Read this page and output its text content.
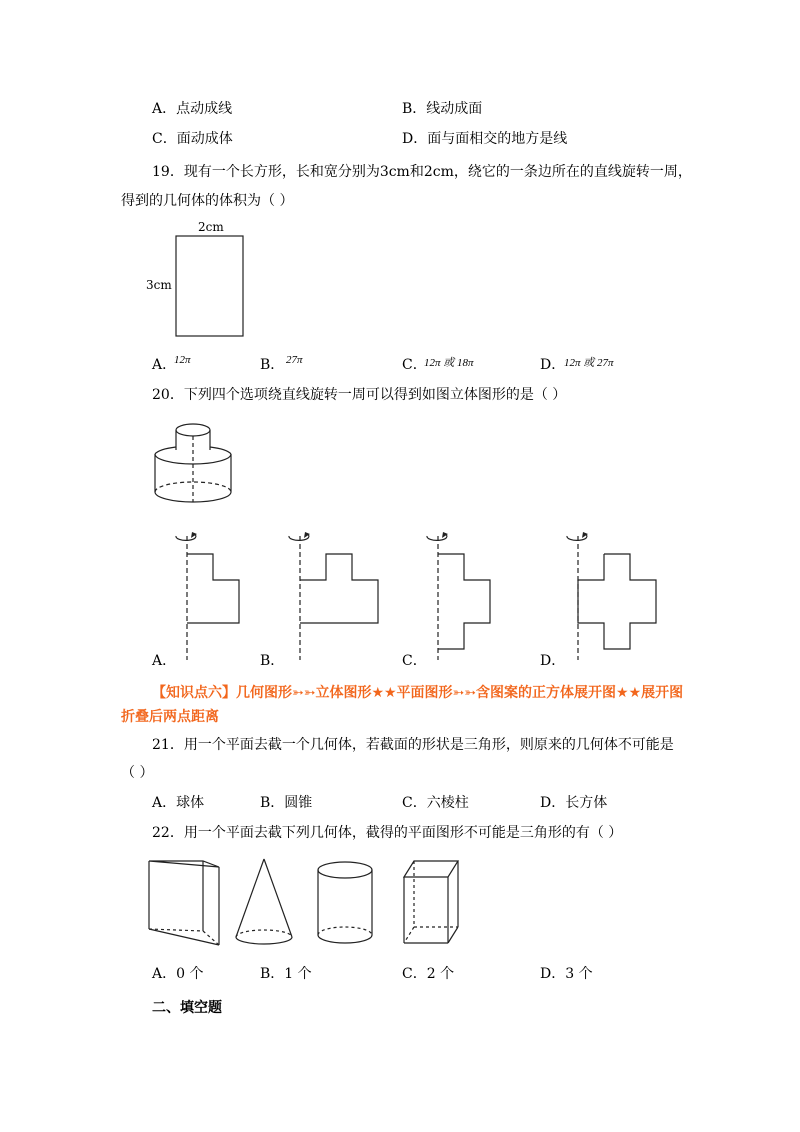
A．点动成线	B．线动成面
C．面动成体	D．面与面相交的地方是线
19．现有一个长方形，长和宽分别为3cm和2cm，绕它的一条边所在的直线旋转一周，
得到的几何体的体积为（ ）
2cm
3cm
A．
12π	B． 27π	C．
12π 或 18π	D．
12π 或 27π
20．下列四个选项绕直线旋转一周可以得到如图立体图形的是（ ）
A．	B．	C．	D．
【知识点六】几何图形➳➳立体图形★★平面图形➳➳含图案的正方体展开图★★展开图
折叠后两点距离
21．用一个平面去截一个几何体，若截面的形状是三角形，则原来的几何体不可能是
（ ）
A．球体	B．圆锥	C．六棱柱	D．长方体
22．用一个平面去截下列几何体，截得的平面图形不可能是三角形的有（ ）
A．0 个	B．1 个	C．2 个	D．3 个
二、填空题
